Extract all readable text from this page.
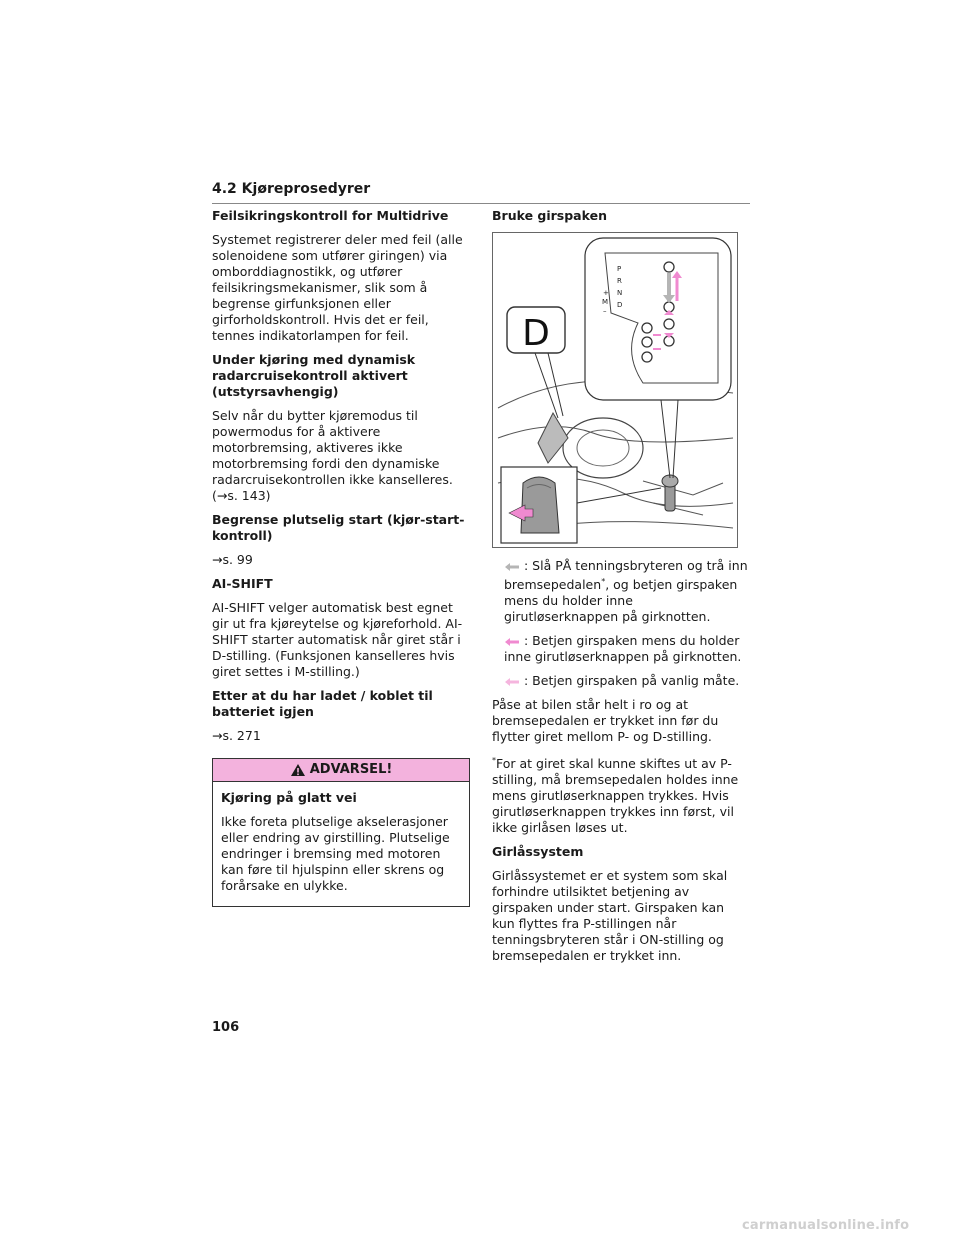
4.2 Kjøreprosedyrer
Feilsikringskontroll for Multidrive

Systemet registrerer deler med feil (alle solenoidene som utfører giringen) via omborddiagnostikk, og utfører feilsikringsmekanismer, slik som å begrense girfunksjonen eller girforholdskontroll. Hvis det er feil, tennes indikatorlampen for feil.

Under kjøring med dynamisk radarcruisekontroll aktivert (utstyrsavhengig)

Selv når du bytter kjøremodus til powermodus for å aktivere motorbremsing, aktiveres ikke motorbremsing fordi den dynamiske radarcruisekontrollen ikke kanselleres. (→s. 143)

Begrense plutselig start (kjør-start-kontroll)

→s. 99

AI-SHIFT

AI-SHIFT velger automatisk best egnet gir ut fra kjøreytelse og kjøreforhold. AI-SHIFT starter automatisk når giret står i D-stilling. (Funksjonen kanselleres hvis giret settes i M-stilling.)

Etter at du har ladet / koblet til batteriet igjen

→s. 271

ADVARSEL!
Kjøring på glatt vei

Ikke foreta plutselige akselerasjoner eller endring av girstilling. Plutselige endringer i bremsing med motoren kan føre til hjulspinn eller skrens og forårsake en ulykke.

Bruke girspaken
P
R
N
D
+
M
–
D

: Slå PÅ tenningsbryteren og trå inn bremsepedalen*, og betjen girspaken mens du holder inne girutløserknappen på girknotten.

: Betjen girspaken mens du holder inne girutløserknappen på girknotten.

: Betjen girspaken på vanlig måte.

Påse at bilen står helt i ro og at bremsepedalen er trykket inn før du flytter giret mellom P- og D-stilling.

*For at giret skal kunne skiftes ut av P-stilling, må bremsepedalen holdes inne mens girutløserknappen trykkes. Hvis girutløserknappen trykkes inn først, vil ikke girlåsen løses ut.

Girlåssystem

Girlåssystemet er et system som skal forhindre utilsiktet betjening av girspaken under start. Girspaken kan kun flyttes fra P-stillingen når tenningsbryteren står i ON-stilling og bremsepedalen er trykket inn.

106
carmanualsonline.info
